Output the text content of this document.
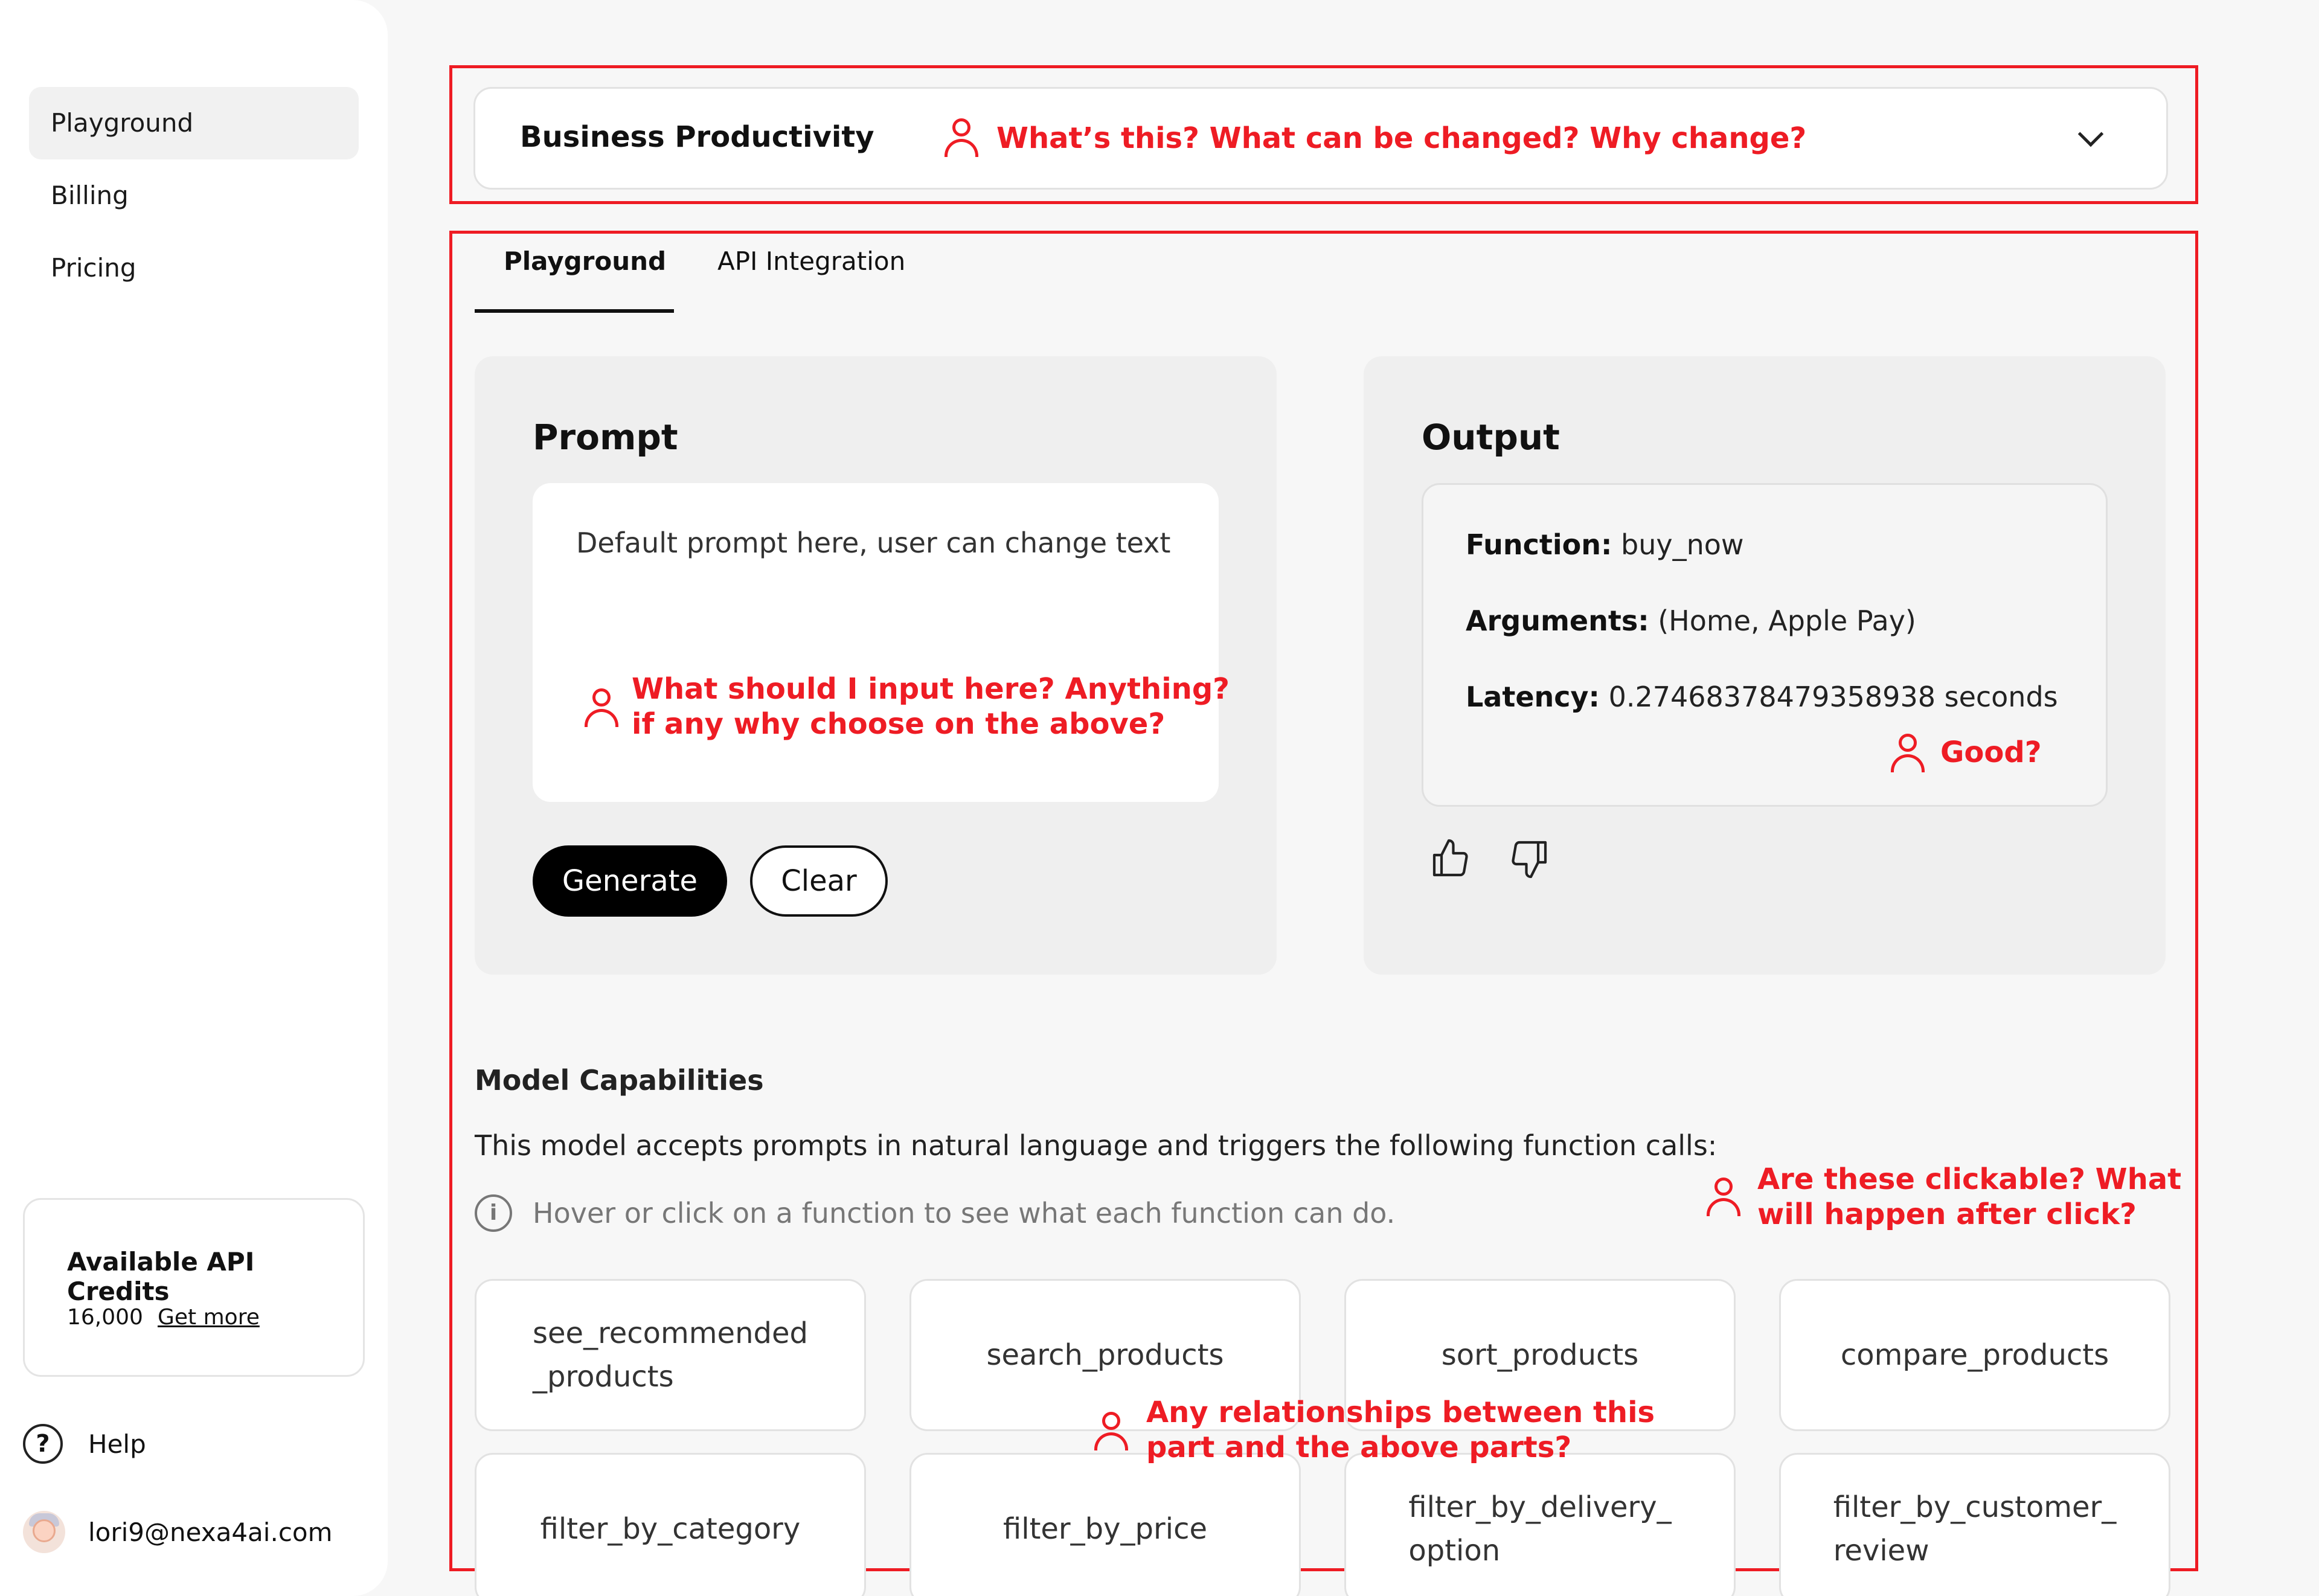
Playground
Billing
Pricing
Available API Credits
16,000 Get more
?	Help
lori9@nexa4ai.com
Business Productivity	What’s this? What can be changed? Why change?
Playground API Integration
Prompt
Default prompt here, user can change text
What should I input here? Anything?
if any why choose on the above?
Generate	Clear
Output
Function: buy_now
Arguments: (Home, Apple Pay)
Latency: 0.27468378479358938 seconds
Good?
Model Capabilities
This model accepts prompts in natural language and triggers the following function calls:
i	Hover or click on a function to see what each function can do.
Are these clickable? What
will happen after click?
see_recommended
_products
search_products	sort_products	compare_products
filter_by_category	filter_by_price
filter_by_delivery_
option
filter_by_customer_
review
Any relationships between this
part and the above parts?
